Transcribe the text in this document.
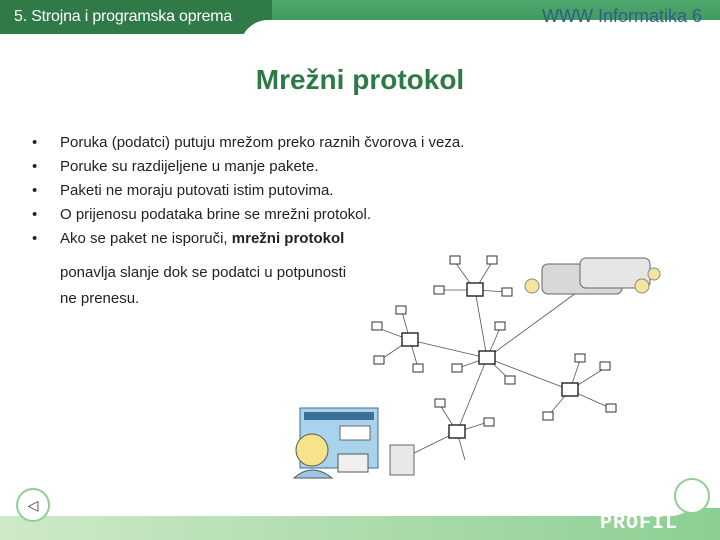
5. Strojna i programska oprema	WWW Informatika 6
Mrežni protokol
• Poruka (podatci) putuju mrežom preko raznih čvorova i veza.
• Poruke su razdijeljene u manje pakete.
• Paketi ne moraju putovati istim putovima.
• O prijenosu podataka brine se mrežni protokol.
• Ako se paket ne isporuči, mrežni protokol
ponavlja slanje dok se podatci u potpunosti
ne prenesu.
◁
PROFIL
